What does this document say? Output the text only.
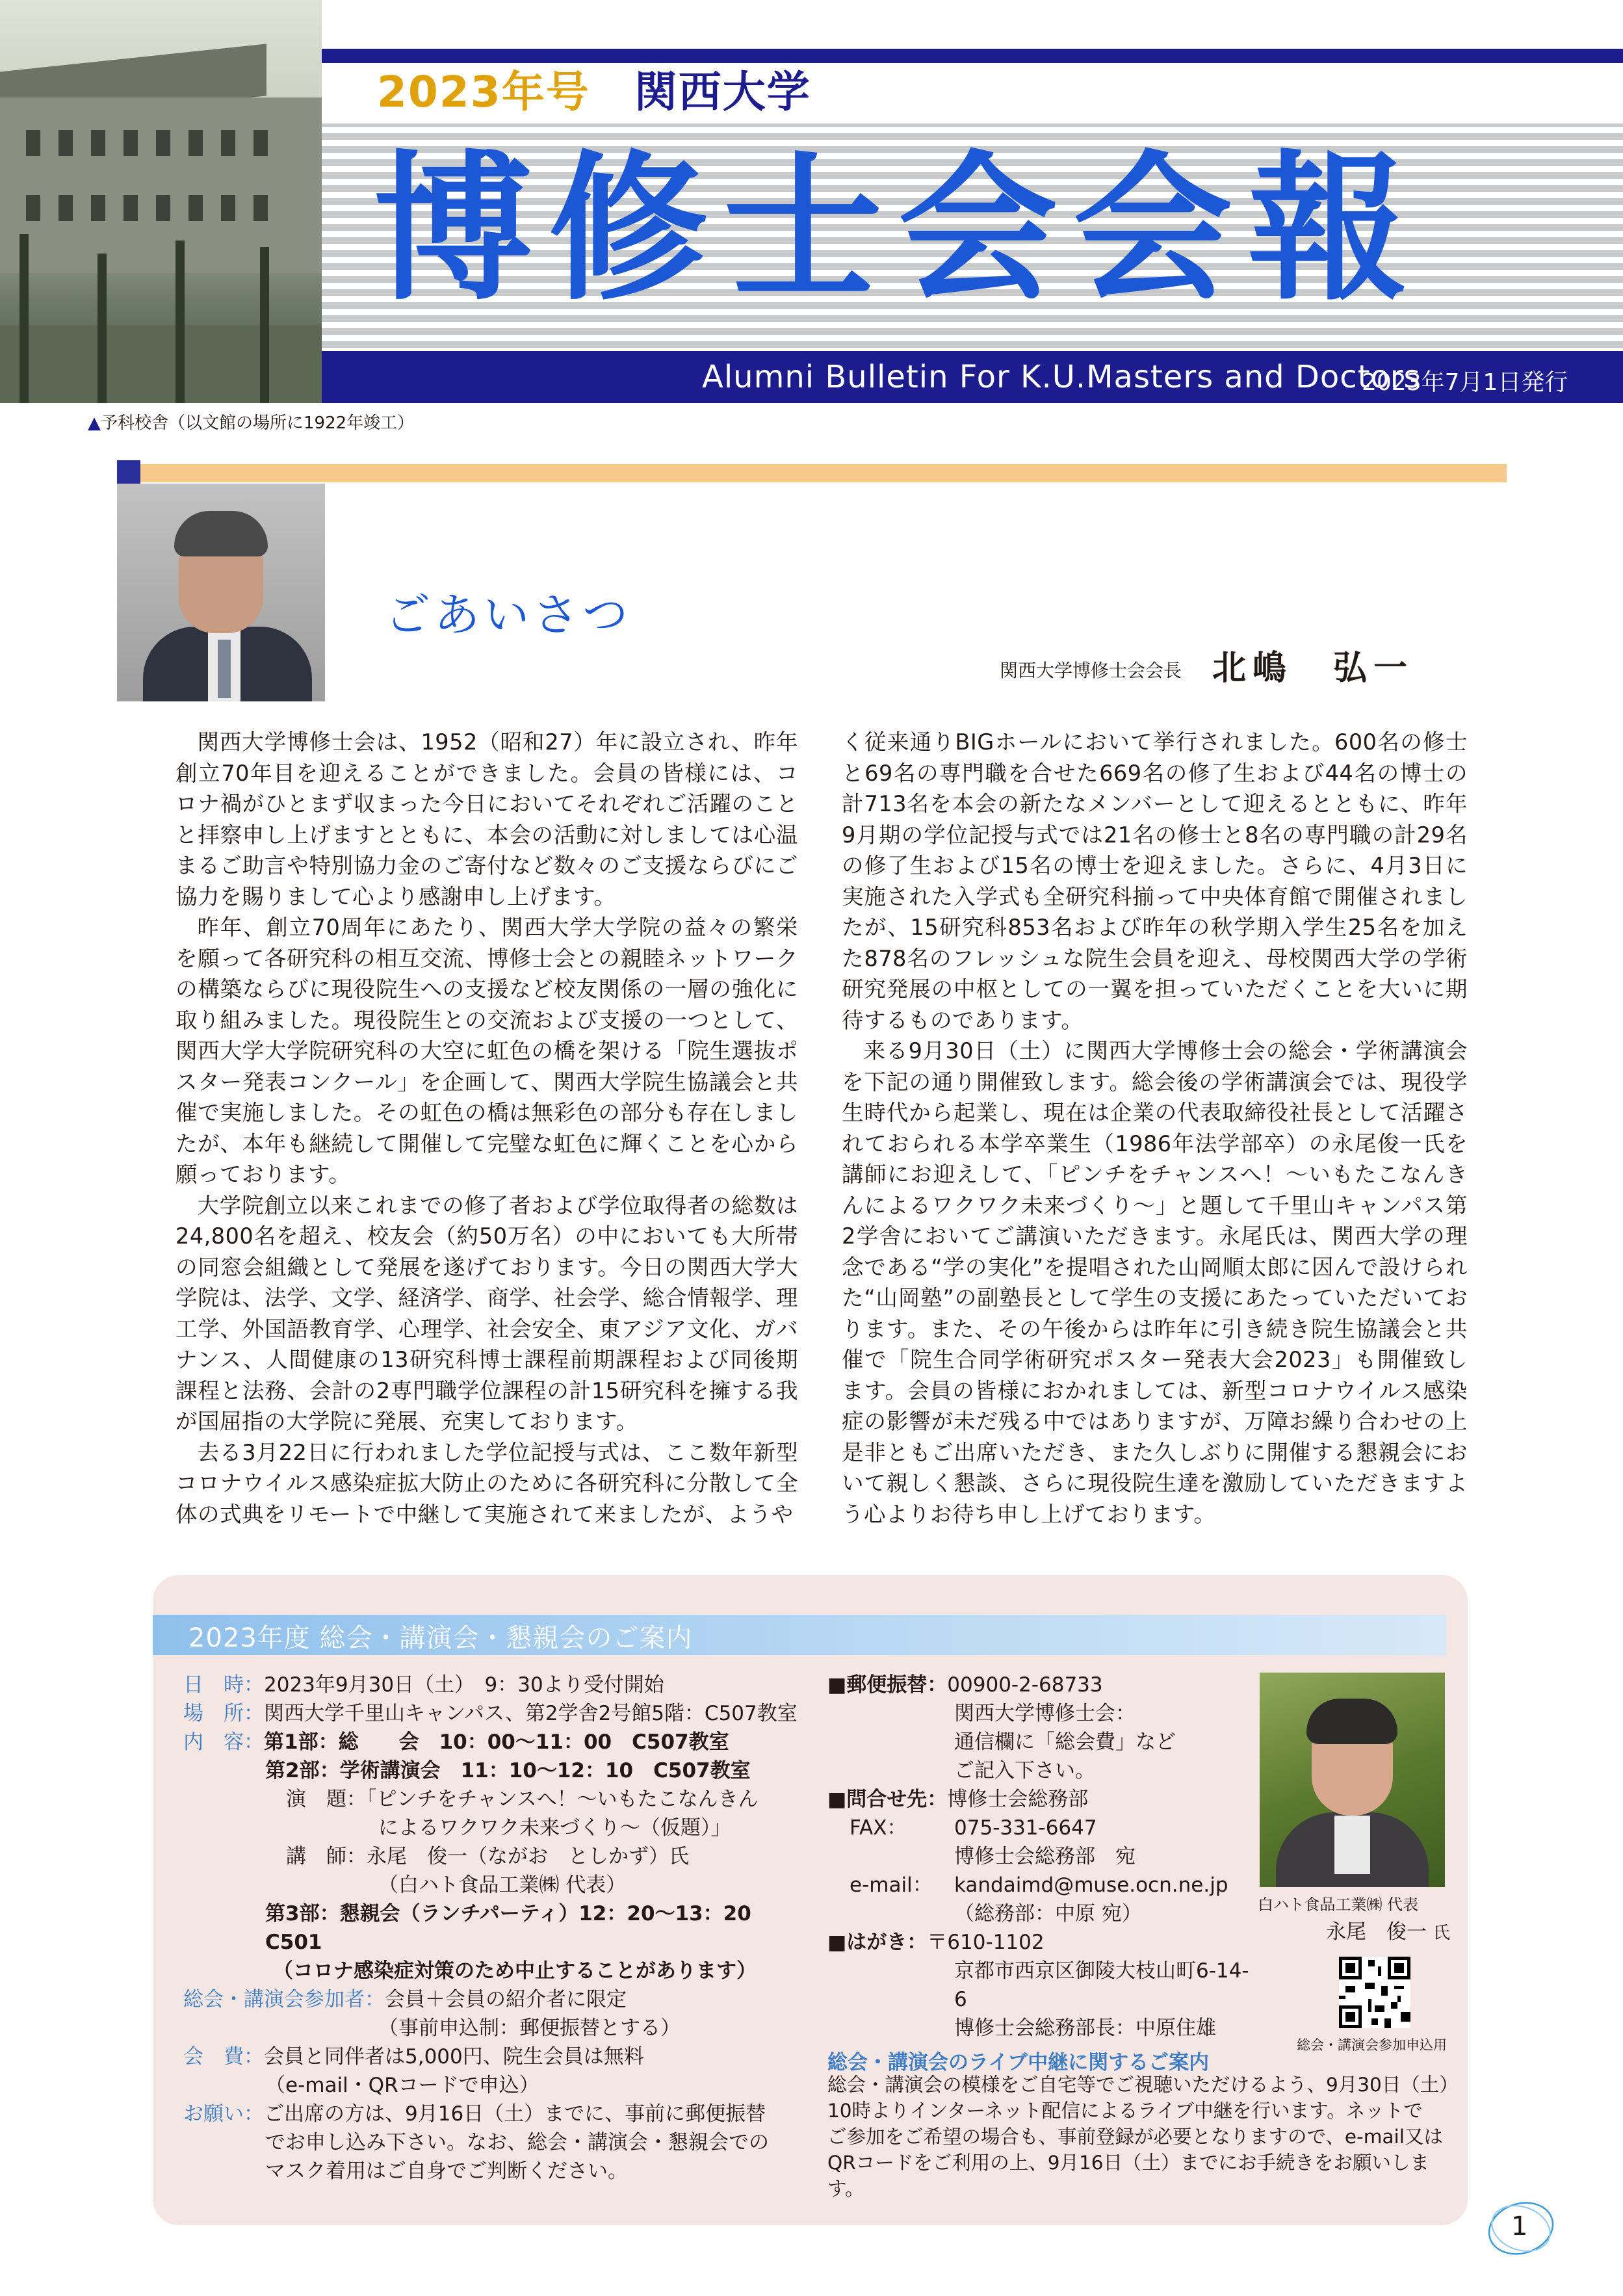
2023年号　 関西大学
博修士会会報
Alumni Bulletin For K.U.Masters and Doctors
2023年7月1日発行
▲予科校舎（以文館の場所に1922年竣工）
ごあいさつ
関西大学博修士会会長 北嶋　弘一

関西大学博修士会は、1952（昭和27）年に設立され、昨年創立70年目を迎えることができました。会員の皆様には、コロナ禍がひとまず収まった今日においてそれぞれご活躍のことと拝察申し上げますとともに、本会の活動に対しましては心温まるご助言や特別協力金のご寄付など数々のご支援ならびにご協力を賜りまして心より感謝申し上げます。

昨年、創立70周年にあたり、関西大学大学院の益々の繁栄を願って各研究科の相互交流、博修士会との親睦ネットワークの構築ならびに現役院生への支援など校友関係の一層の強化に取り組みました。現役院生との交流および支援の一つとして、関西大学大学院研究科の大空に虹色の橋を架ける「院生選抜ポスター発表コンクール」を企画して、関西大学院生協議会と共催で実施しました。その虹色の橋は無彩色の部分も存在しましたが、本年も継続して開催して完璧な虹色に輝くことを心から願っております。

大学院創立以来これまでの修了者および学位取得者の総数は24,800名を超え、校友会（約50万名）の中においても大所帯の同窓会組織として発展を遂げております。今日の関西大学大学院は、法学、文学、経済学、商学、社会学、総合情報学、理工学、外国語教育学、心理学、社会安全、東アジア文化、ガバナンス、人間健康の13研究科博士課程前期課程および同後期課程と法務、会計の2専門職学位課程の計15研究科を擁する我が国屈指の大学院に発展、充実しております。

去る3月22日に行われました学位記授与式は、ここ数年新型コロナウイルス感染症拡大防止のために各研究科に分散して全体の式典をリモートで中継して実施されて来ましたが、ようや

く従来通りBIGホールにおいて挙行されました。600名の修士と69名の専門職を合せた669名の修了生および44名の博士の計713名を本会の新たなメンバーとして迎えるとともに、昨年9月期の学位記授与式では21名の修士と8名の専門職の計29名の修了生および15名の博士を迎えました。さらに、4月3日に実施された入学式も全研究科揃って中央体育館で開催されましたが、15研究科853名および昨年の秋学期入学生25名を加えた878名のフレッシュな院生会員を迎え、母校関西大学の学術研究発展の中枢としての一翼を担っていただくことを大いに期待するものであります。

来る9月30日（土）に関西大学博修士会の総会・学術講演会を下記の通り開催致します。総会後の学術講演会では、現役学生時代から起業し、現在は企業の代表取締役社長として活躍されておられる本学卒業生（1986年法学部卒）の永尾俊一氏を講師にお迎えして、「ピンチをチャンスへ！〜いもたこなんきんによるワクワク未来づくり〜」と題して千里山キャンパス第2学舎においてご講演いただきます。永尾氏は、関西大学の理念である“学の実化”を提唱された山岡順太郎に因んで設けられた“山岡塾”の副塾長として学生の支援にあたっていただいております。また、その午後からは昨年に引き続き院生協議会と共催で「院生合同学術研究ポスター発表大会2023」も開催致します。会員の皆様におかれましては、新型コロナウイルス感染症の影響が未だ残る中ではありますが、万障お繰り合わせの上是非ともご出席いただき、また久しぶりに開催する懇親会において親しく懇談、さらに現役院生達を激励していただきますよう心よりお待ち申し上げております。

2023年度 総会・講演会・懇親会のご案内
日　時：2023年9月30日（土）　9：30より受付開始
場　所：関西大学千里山キャンパス、第2学舎2号館5階：C507教室
内　容：第1部：総　　会　10：00～11：00　C507教室
第2部：学術講演会　11：10～12：10　C507教室
演　題：「ピンチをチャンスへ！〜いもたこなんきん
によるワクワク未来づくり〜（仮題）」
講　師：永尾　俊一（ながお　としかず）氏
（白ハト食品工業㈱ 代表）
第3部：懇親会（ランチパーティ）12：20～13：20　C501
（コロナ感染症対策のため中止することがあります）
総会・講演会参加者：会員＋会員の紹介者に限定
（事前申込制：郵便振替とする）
会　費：会員と同伴者は5,000円、院生会員は無料
（e-mail・QRコードで申込）
お願い：ご出席の方は、9月16日（土）までに、事前に郵便振替
でお申し込み下さい。なお、総会・講演会・懇親会での
マスク着用はご自身でご判断ください。
■郵便振替：00900-2-68733
関西大学博修士会：
通信欄に「総会費」など
ご記入下さい。
■問合せ先：博修士会総務部
FAX： 075-331-6647
博修士会総務部　宛
e-mail： kandaimd@muse.ocn.ne.jp
（総務部：中原 宛）
■はがき：〒610-1102
京都市西京区御陵大枝山町6-14-6
博修士会総務部長：中原住雄
白ハト食品工業㈱ 代表
永尾　俊一 氏
総会・講演会参加申込用
総会・講演会のライブ中継に関するご案内
総会・講演会の模様をご自宅等でご視聴いただけるよう、9月30日（土）
10時よりインターネット配信によるライブ中継を行います。ネットで
ご参加をご希望の場合も、事前登録が必要となりますので、e-mail又は
QRコードをご利用の上、9月16日（土）までにお手続きをお願いします。
1
